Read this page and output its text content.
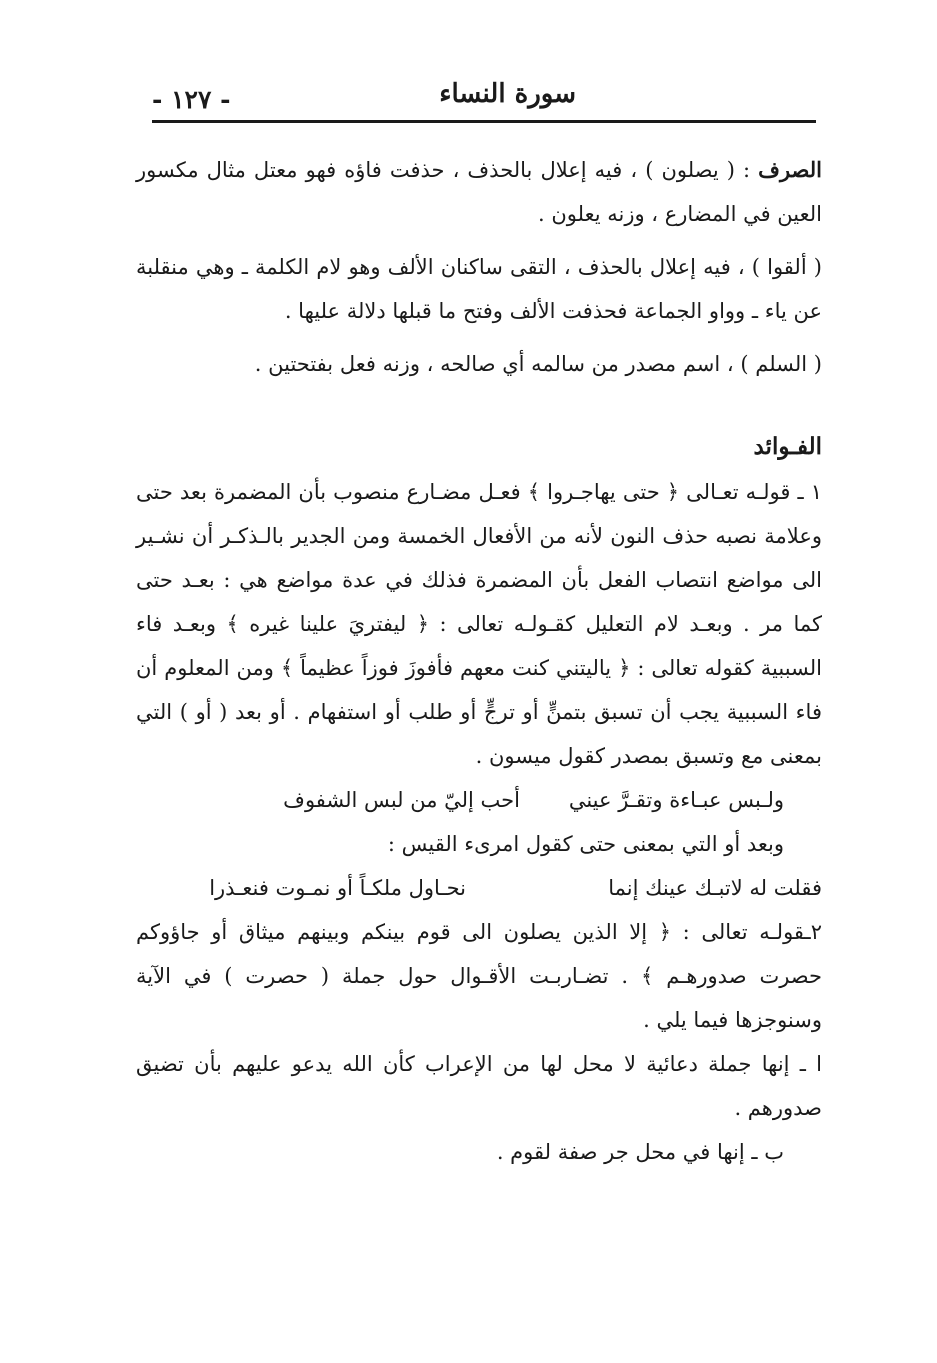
سورة النساء
- ١٢٧ -

الصرف : ( يصلون ) ، فيه إعلال بالحذف ، حذفت فاؤه فهو معتل مثال مكسور العين في المضارع ، وزنه يعلون .

( ألقوا ) ، فيه إعلال بالحذف ، التقى ساكنان الألف وهو لام الكلمة ـ وهي منقلبة عن ياء ـ وواو الجماعة فحذفت الألف وفتح ما قبلها دلالة عليها .

( السلم ) ، اسم مصدر من سالمه أي صالحه ، وزنه فعل بفتحتين .

الفـوائد

١ ـ قولـه تعـالى ﴿ حتى يهاجـروا ﴾ فعـل مضـارع منصوب بأن المضمرة بعد حتى وعلامة نصبه حذف النون لأنه من الأفعال الخمسة ومن الجدير بالـذكـر أن نشـير الى مواضع انتصاب الفعل بأن المضمرة فذلك في عدة مواضع هي : بعـد حتى كما مر . وبعـد لام التعليل كقـولـه تعالى : ﴿ ليفتريَ علينا غيره ﴾ وبعـد فاء السببية كقوله تعالى : ﴿ ياليتني كنت معهم فأفوزَ فوزاً عظيماً ﴾ ومن المعلوم أن فاء السببية يجب أن تسبق بتمنٍّ أو ترجٍّ أو طلب أو استفهام . أو بعد ( أو ) التي بمعنى مع وتسبق بمصدر كقول ميسون .

ولـبس عبـاءة وتقـرَّ عيني
أحب إليّ من لبس الشفوف

وبعد أو التي بمعنى حتى كقول امرىء القيس :

فقلت له لاتبـك عينك إنما
نحـاول ملكـاً أو نمـوت فنعـذرا

٢ـقولـه تعالى : ﴿ إلا الذين يصلون الى قوم بينكم وبينهم ميثاق أو جاؤوكم حصرت صدورهـم ﴾ . تضـاربـت الأقـوال حول جملة ( حصرت ) في الآية وسنوجزها فيما يلي .

ا ـ إنها جملة دعائية لا محل لها من الإعراب كأن الله يدعو عليهم بأن تضيق صدورهم .

ب ـ إنها في محل جر صفة لقوم .
